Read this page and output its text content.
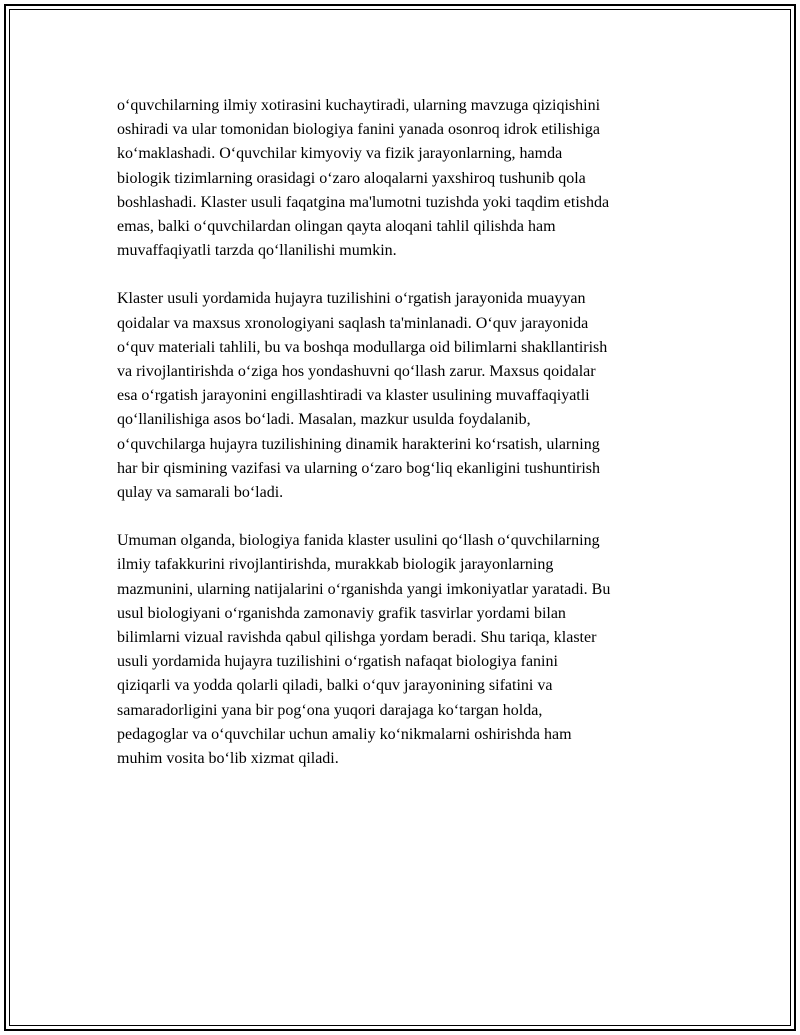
o‘quvchilarning ilmiy xotirasini kuchaytiradi, ularning mavzuga qiziqishini
oshiradi va ular tomonidan biologiya fanini yanada osonroq idrok etilishiga
ko‘maklashadi. O‘quvchilar kimyoviy va fizik jarayonlarning, hamda
biologik tizimlarning orasidagi o‘zaro aloqalarni yaxshiroq tushunib qola
boshlashadi. Klaster usuli faqatgina ma'lumotni tuzishda yoki taqdim etishda
emas, balki o‘quvchilardan olingan qayta aloqani tahlil qilishda ham
muvaffaqiyatli tarzda qo‘llanilishi mumkin.

Klaster usuli yordamida hujayra tuzilishini o‘rgatish jarayonida muayyan
qoidalar va maxsus xronologiyani saqlash ta'minlanadi. O‘quv jarayonida
o‘quv materiali tahlili, bu va boshqa modullarga oid bilimlarni shakllantirish
va rivojlantirishda o‘ziga hos yondashuvni qo‘llash zarur. Maxsus qoidalar
esa o‘rgatish jarayonini engillashtiradi va klaster usulining muvaffaqiyatli
qo‘llanilishiga asos bo‘ladi. Masalan, mazkur usulda foydalanib,
o‘quvchilarga hujayra tuzilishining dinamik harakterini ko‘rsatish, ularning
har bir qismining vazifasi va ularning o‘zaro bog‘liq ekanligini tushuntirish
qulay va samarali bo‘ladi.

Umuman olganda, biologiya fanida klaster usulini qo‘llash o‘quvchilarning
ilmiy tafakkurini rivojlantirishda, murakkab biologik jarayonlarning
mazmunini, ularning natijalarini o‘rganishda yangi imkoniyatlar yaratadi. Bu
usul biologiyani o‘rganishda zamonaviy grafik tasvirlar yordami bilan
bilimlarni vizual ravishda qabul qilishga yordam beradi. Shu tariqa, klaster
usuli yordamida hujayra tuzilishini o‘rgatish nafaqat biologiya fanini
qiziqarli va yodda qolarli qiladi, balki o‘quv jarayonining sifatini va
samaradorligini yana bir pog‘ona yuqori darajaga ko‘targan holda,
pedagoglar va o‘quvchilar uchun amaliy ko‘nikmalarni oshirishda ham
muhim vosita bo‘lib xizmat qiladi.
